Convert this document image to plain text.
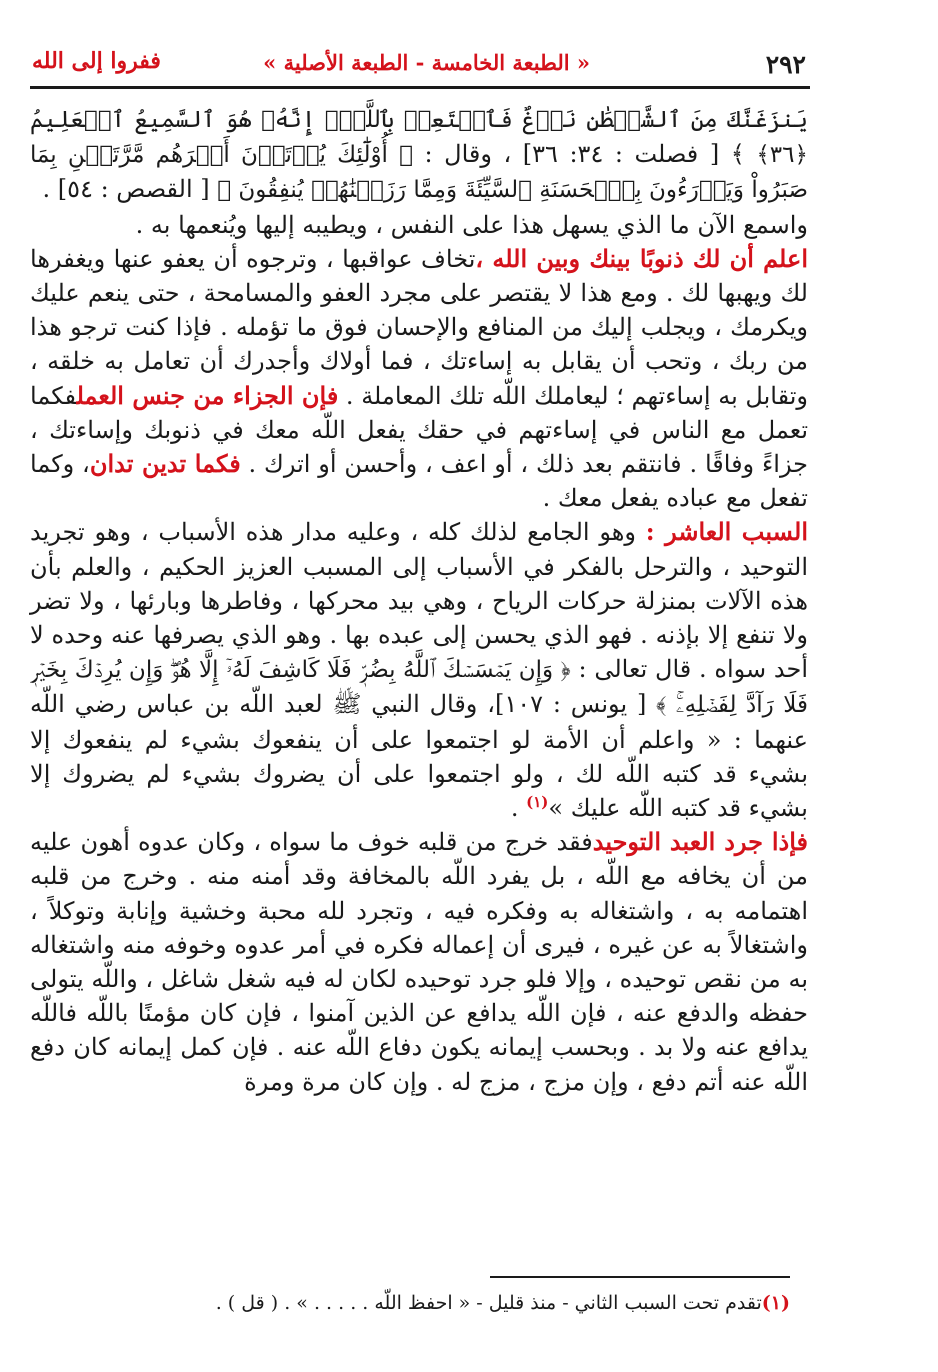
٢٩٢
« الطبعة الخامسة - الطبعة الأصلية »
ففروا إلى الله

يَنزَغَنَّكَ مِنَ ٱلشَّيۡطَٰنِ نَزۡغٌ فَٱسۡتَعِذۡ بِٱللَّهِۖ إِنَّهُۥ هُوَ ٱلسَّمِيعُ ٱلۡعَلِيمُ ﴿٣٦﴾ ﴾ [ فصلت : ٣٤: ٣٦] ، وقال : ﴿ أُوْلَٰٓئِكَ يُؤۡتَوۡنَ أَجۡرَهُم مَّرَّتَيۡنِ بِمَا صَبَرُواْ وَيَدۡرَءُونَ بِٱلۡحَسَنَةِ ٱلسَّيِّئَةَ وَمِمَّا رَزَقۡنَٰهُمۡ يُنفِقُونَ ﴾ [ القصص : ٥٤] .

واسمع الآن ما الذي يسهل هذا على النفس ، ويطيبه إليها ويُنعمها به .

اعلم أن لك ذنوبًا بينك وبين الله ،تخاف عواقبها ، وترجوه أن يعفو عنها ويغفرها لك ويهبها لك . ومع هذا لا يقتصر على مجرد العفو والمسامحة ، حتى ينعم عليك ويكرمك ، ويجلب إليك من المنافع والإحسان فوق ما تؤمله . فإذا كنت ترجو هذا من ربك ، وتحب أن يقابل به إساءتك ، فما أولاك وأجدرك أن تعامل به خلقه ، وتقابل به إساءتهم ؛ ليعاملك اللّه تلك المعاملة . فإن الجزاء من جنس العملفكما تعمل مع الناس في إساءتهم في حقك يفعل اللّه معك في ذنوبك وإساءتك ، جزاءً وفاقًا . فانتقم بعد ذلك ، أو اعف ، وأحسن أو اترك . فكما تدين تدان، وكما تفعل مع عباده يفعل معك .

السبب العاشر : وهو الجامع لذلك كله ، وعليه مدار هذه الأسباب ، وهو تجريد التوحيد ، والترحل بالفكر في الأسباب إلى المسبب العزيز الحكيم ، والعلم بأن هذه الآلات بمنزلة حركات الرياح ، وهي بيد محركها ، وفاطرها وبارئها ، ولا تضر ولا تنفع إلا بإذنه . فهو الذي يحسن إلى عبده بها . وهو الذي يصرفها عنه وحده لا أحد سواه . قال تعالى : ﴿ وَإِن يَمۡسَسۡكَ ٱللَّهُ بِضُرّٖ فَلَا كَاشِفَ لَهُۥٓ إِلَّا هُوَۖ وَإِن يُرِدۡكَ بِخَيۡرٖ فَلَا رَآدَّ لِفَضۡلِهِۦۚ ﴾ [ يونس : ١٠٧]، وقال النبي ﷺ لعبد اللّه بن عباس رضي اللّه عنهما : « واعلم أن الأمة لو اجتمعوا على أن ينفعوك بشيء لم ينفعوك إلا بشيء قد كتبه اللّه لك ، ولو اجتمعوا على أن يضروك بشيء لم يضروك إلا بشيء قد كتبه اللّه عليك »$^{(١)}$ .

فإذا جرد العبد التوحيدفقد خرج من قلبه خوف ما سواه ، وكان عدوه أهون عليه من أن يخافه مع اللّه ، بل يفرد اللّه بالمخافة وقد أمنه منه . وخرج من قلبه اهتمامه به ، واشتغاله به وفكره فيه ، وتجرد لله محبة وخشية وإنابة وتوكلاً ، واشتغالاً به عن غيره ، فيرى أن إعماله فكره في أمر عدوه وخوفه منه واشتغاله به من نقص توحيده ، وإلا فلو جرد توحيده لكان له فيه شغل شاغل ، واللّه يتولى حفظه والدفع عنه ، فإن اللّه يدافع عن الذين آمنوا ، فإن كان مؤمنًا باللّه فاللّه يدافع عنه ولا بد . وبحسب إيمانه يكون دفاع اللّه عنه . فإن كمل إيمانه كان دفع اللّه عنه أتم دفع ، وإن مزج ، مزج له . وإن كان مرة ومرة

(١)تقدم تحت السبب الثاني - منذ قليل - « احفظ اللّه . . . . . » . ( قل ) .
